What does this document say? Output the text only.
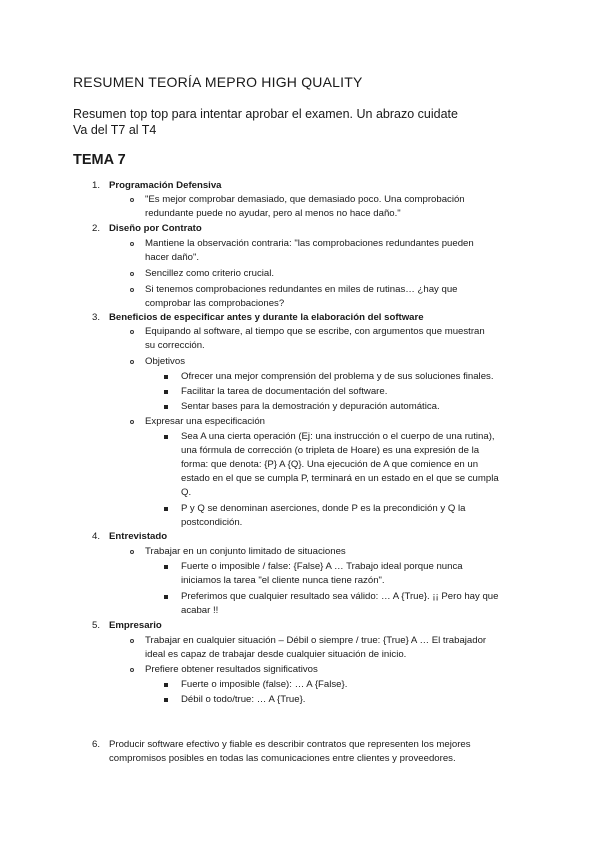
RESUMEN TEORÍA MEPRO HIGH QUALITY
Resumen top top para intentar aprobar el examen. Un abrazo cuidate
Va del T7 al T4
TEMA 7
1. Programación Defensiva
"Es mejor comprobar demasiado, que demasiado poco. Una comprobación
redundante puede no ayudar, pero al menos no hace daño."
2. Diseño por Contrato
Mantiene la observación contraria: "las comprobaciones redundantes pueden
hacer daño".
Sencillez como criterio crucial.
Si tenemos comprobaciones redundantes en miles de rutinas… ¿hay que
comprobar las comprobaciones?
3. Beneficios de especificar antes y durante la elaboración del software
Equipando al software, al tiempo que se escribe, con argumentos que muestran
su corrección.
Objetivos
Ofrecer una mejor comprensión del problema y de sus soluciones finales.
Facilitar la tarea de documentación del software.
Sentar bases para la demostración y depuración automática.
Expresar una especificación
Sea A una cierta operación (Ej: una instrucción o el cuerpo de una rutina),
una fórmula de corrección (o tripleta de Hoare) es una expresión de la
forma: que denota: {P} A {Q}. Una ejecución de A que comience en un
estado en el que se cumpla P, terminará en un estado en el que se cumpla
Q.
P y Q se denominan aserciones, donde P es la precondición y Q la
postcondición.
4. Entrevistado
Trabajar en un conjunto limitado de situaciones
Fuerte o imposible / false: {False} A … Trabajo ideal porque nunca
iniciamos la tarea "el cliente nunca tiene razón".
Preferimos que cualquier resultado sea válido: … A {True}. ¡¡ Pero hay que
acabar !!
5. Empresario
Trabajar en cualquier situación – Débil o siempre / true: {True} A … El trabajador
ideal es capaz de trabajar desde cualquier situación de inicio.
Prefiere obtener resultados significativos
Fuerte o imposible (false): … A {False}.
Débil o todo/true: … A {True}.
6. Producir software efectivo y fiable es describir contratos que representen los mejores
compromisos posibles en todas las comunicaciones entre clientes y proveedores.
